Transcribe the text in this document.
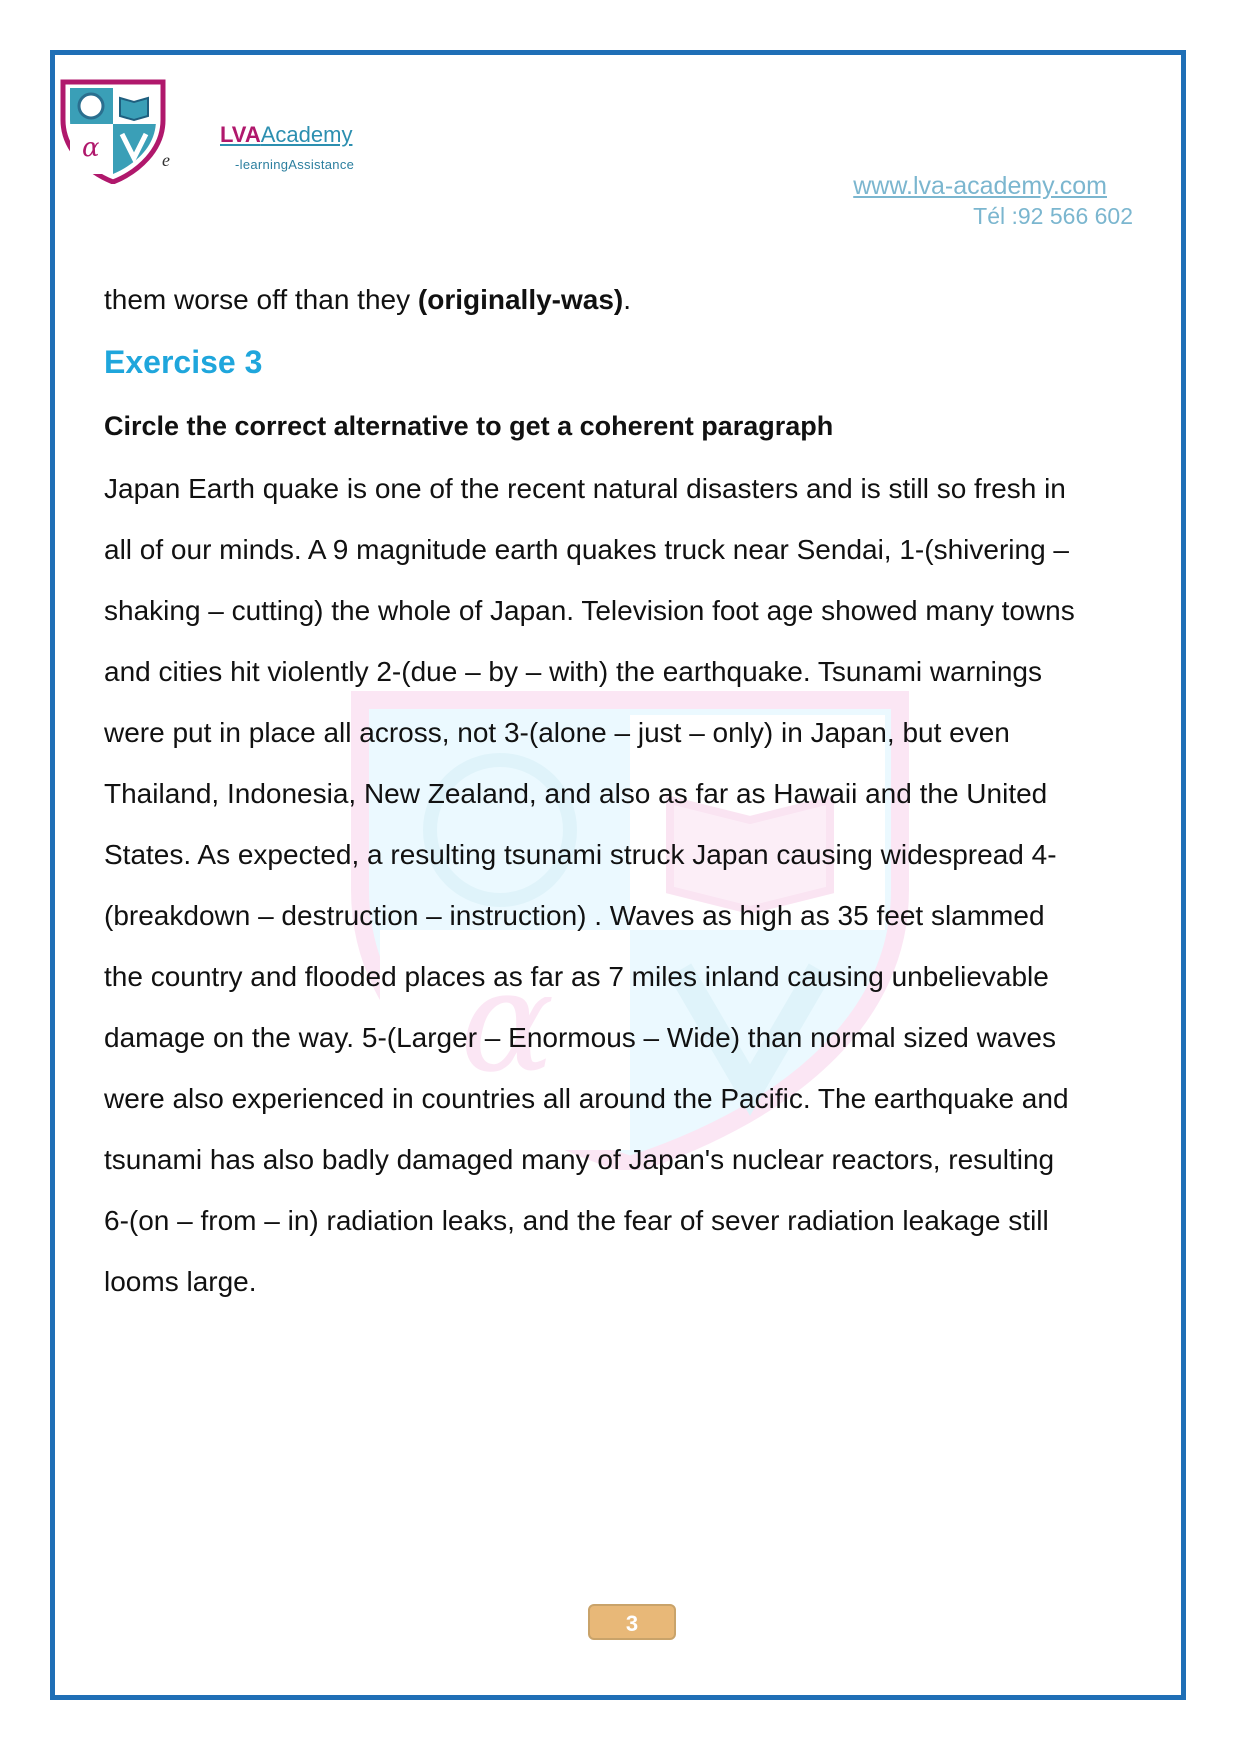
α	e
LVAAcademy
-learningAssistance
www.lva-academy.com
Tél :92 566 602
α

them worse off than they (originally-was).

Exercise 3

Circle the correct alternative to get a coherent paragraph

Japan Earth quake is one of the recent natural disasters and is still so fresh in
all of our minds. A 9 magnitude earth quakes truck near Sendai, 1-(shivering –
shaking – cutting) the whole of Japan. Television foot age showed many towns
and cities hit violently 2-(due – by – with) the earthquake. Tsunami warnings
were put in place all across, not 3-(alone – just – only) in Japan, but even
Thailand, Indonesia, New Zealand, and also as far as Hawaii and the United
States. As expected, a resulting tsunami struck Japan causing widespread 4-
(breakdown – destruction – instruction) . Waves as high as 35 feet slammed
the country and flooded places as far as 7 miles inland causing unbelievable
damage on the way. 5-(Larger – Enormous – Wide) than normal sized waves
were also experienced in countries all around the Pacific. The earthquake and
tsunami has also badly damaged many of Japan's nuclear reactors, resulting
6-(on – from – in) radiation leaks, and the fear of sever radiation leakage still
looms large.

3
